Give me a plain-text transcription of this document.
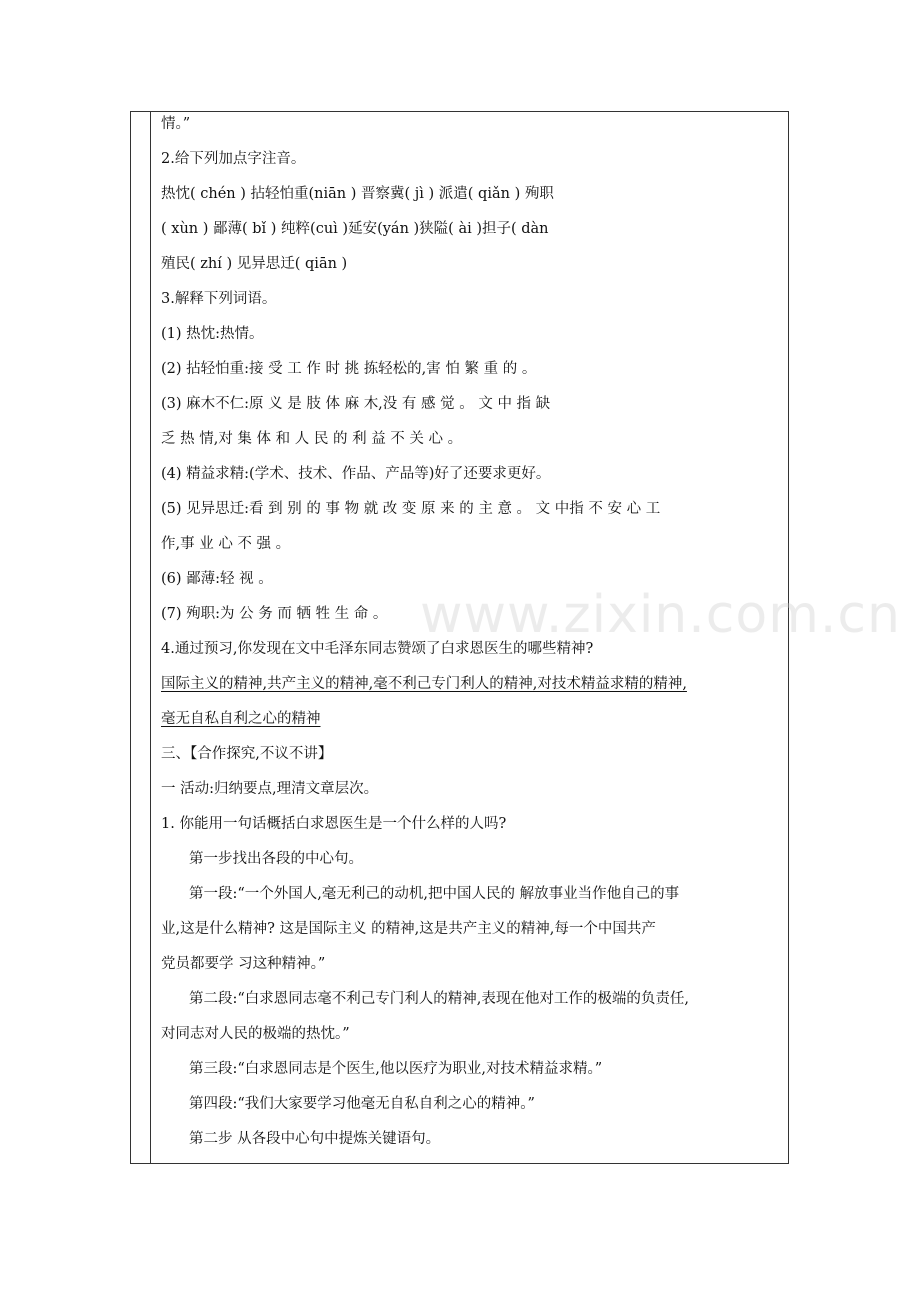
www.zixin.com.cn
情。”
2.给下列加点字注音。
热忱( chén ) 拈轻怕重(niān ) 晋察冀( jì ) 派遣( qiǎn ) 殉职
( xùn ) 鄙薄( bǐ ) 纯粹(cuì )延安(yán )狭隘( ài )担子( dàn
殖民( zhí ) 见异思迁( qiān )
3.解释下列词语。
(1) 热忱:热情。
(2) 拈轻怕重:接 受 工 作 时 挑 拣轻松的,害 怕 繁 重 的 。
(3) 麻木不仁:原 义 是 肢 体 麻 木,没 有 感 觉 。 文 中 指 缺
乏 热 情,对 集 体 和 人 民 的 利 益 不 关 心 。
(4) 精益求精:(学术、技术、作品、产品等)好了还要求更好。
(5) 见异思迁:看 到 别 的 事 物 就 改 变 原 来 的 主 意 。 文 中指 不 安 心 工
作,事 业 心 不 强 。
(6) 鄙薄:轻 视 。
(7) 殉职:为 公 务 而 牺 牲 生 命 。
4.通过预习,你发现在文中毛泽东同志赞颂了白求恩医生的哪些精神?
国际主义的精神,共产主义的精神,毫不利己专门利人的精神,对技术精益求精的精神,
毫无自私自利之心的精神
三、【合作探究,不议不讲】
一 活动:归纳要点,理清文章层次。
1. 你能用一句话概括白求恩医生是一个什么样的人吗?
第一步找出各段的中心句。
第一段:“一个外国人,毫无利己的动机,把中国人民的 解放事业当作他自己的事
业,这是什么精神? 这是国际主义 的精神,这是共产主义的精神,每一个中国共产
党员都要学 习这种精神。”
第二段:“白求恩同志毫不利己专门利人的精神,表现在他对工作的极端的负责任,
对同志对人民的极端的热忱。”
第三段:“白求恩同志是个医生,他以医疗为职业,对技术精益求精。”
第四段:“我们大家要学习他毫无自私自利之心的精神。”
第二步 从各段中心句中提炼关键语句。
